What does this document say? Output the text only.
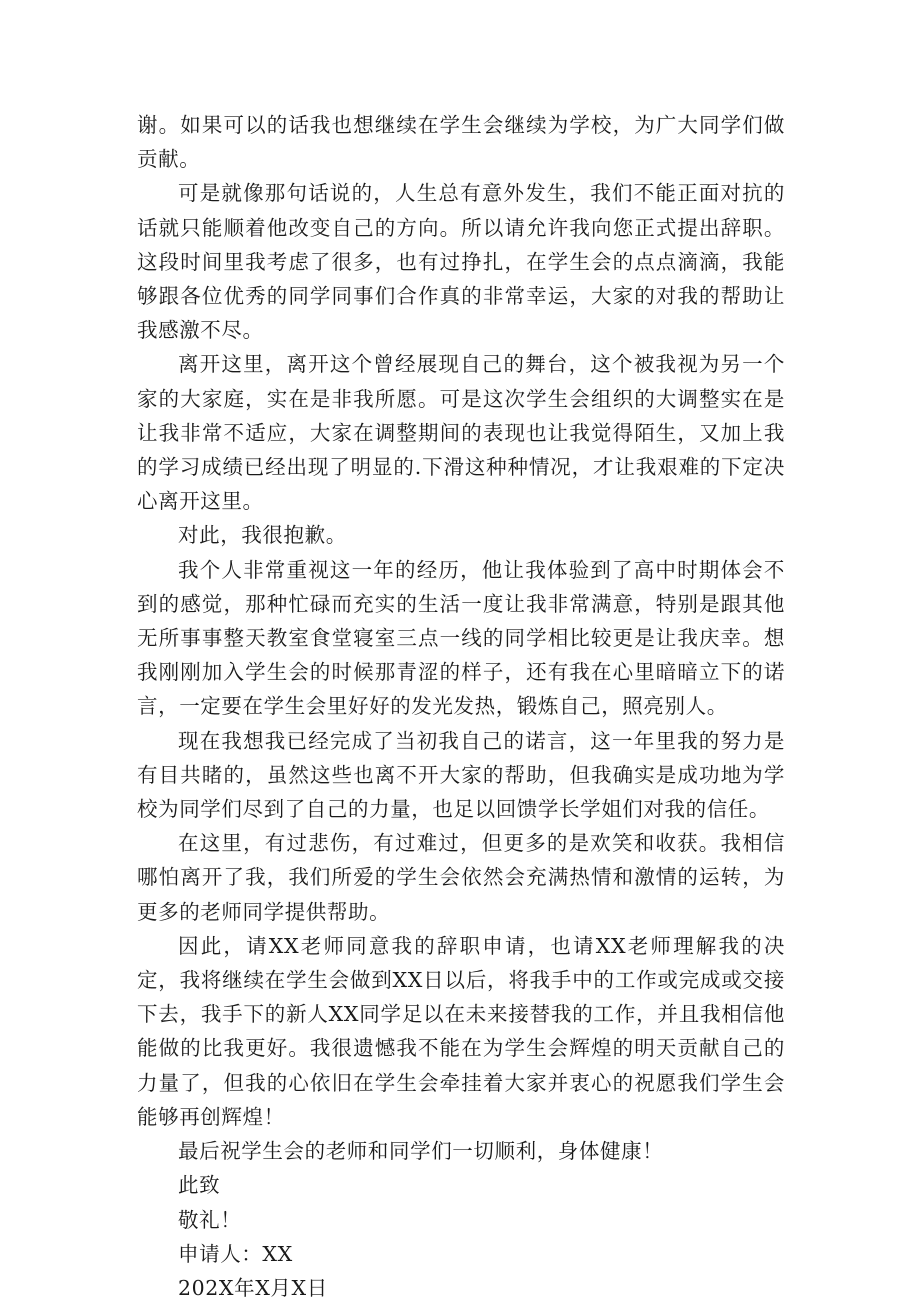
谢。如果可以的话我也想继续在学生会继续为学校，为广大同学们做贡献。

可是就像那句话说的，人生总有意外发生，我们不能正面对抗的话就只能顺着他改变自己的方向。所以请允许我向您正式提出辞职。这段时间里我考虑了很多，也有过挣扎，在学生会的点点滴滴，我能够跟各位优秀的同学同事们合作真的非常幸运，大家的对我的帮助让我感激不尽。

离开这里，离开这个曾经展现自己的舞台，这个被我视为另一个家的大家庭，实在是非我所愿。可是这次学生会组织的大调整实在是让我非常不适应，大家在调整期间的表现也让我觉得陌生，又加上我的学习成绩已经出现了明显的.下滑这种种情况，才让我艰难的下定决心离开这里。

对此，我很抱歉。

我个人非常重视这一年的经历，他让我体验到了高中时期体会不到的感觉，那种忙碌而充实的生活一度让我非常满意，特别是跟其他无所事事整天教室食堂寝室三点一线的同学相比较更是让我庆幸。想我刚刚加入学生会的时候那青涩的样子，还有我在心里暗暗立下的诺言，一定要在学生会里好好的发光发热，锻炼自己，照亮别人。

现在我想我已经完成了当初我自己的诺言，这一年里我的努力是有目共睹的，虽然这些也离不开大家的帮助，但我确实是成功地为学校为同学们尽到了自己的力量，也足以回馈学长学姐们对我的信任。

在这里，有过悲伤，有过难过，但更多的是欢笑和收获。我相信哪怕离开了我，我们所爱的学生会依然会充满热情和激情的运转，为更多的老师同学提供帮助。

因此，请XX老师同意我的辞职申请，也请XX老师理解我的决定，我将继续在学生会做到XX日以后，将我手中的工作或完成或交接下去，我手下的新人XX同学足以在未来接替我的工作，并且我相信他能做的比我更好。我很遗憾我不能在为学生会辉煌的明天贡献自己的力量了，但我的心依旧在学生会牵挂着大家并衷心的祝愿我们学生会能够再创辉煌！

最后祝学生会的老师和同学们一切顺利，身体健康！

此致

敬礼！

申请人：XX

202X年X月X日
